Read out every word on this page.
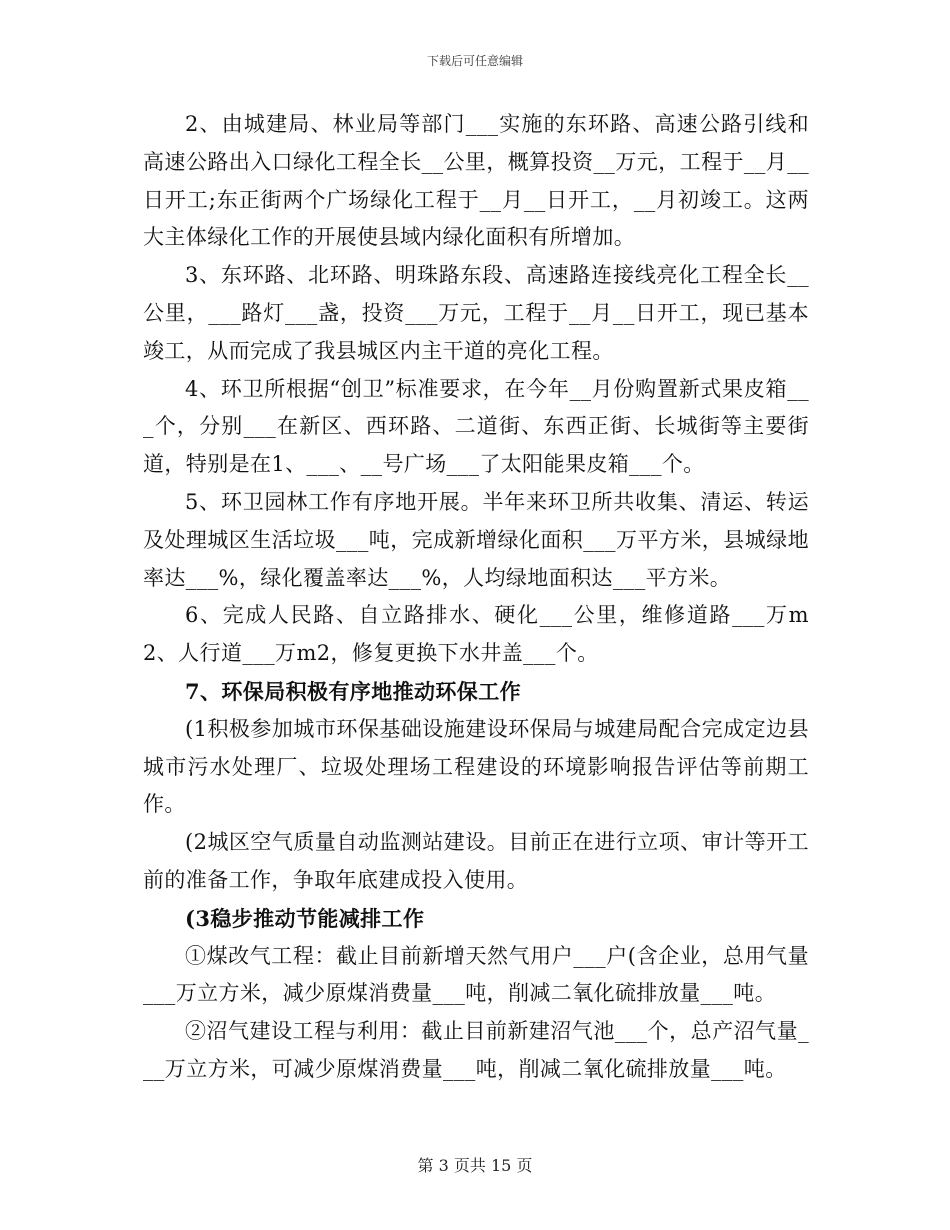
下载后可任意编辑

2、由城建局、林业局等部门___实施的东环路、高速公路引线和高速公路出入口绿化工程全长__公里，概算投资__万元，工程于__月__日开工;东正街两个广场绿化工程于__月__日开工，__月初竣工。这两大主体绿化工作的开展使县域内绿化面积有所增加。

3、东环路、北环路、明珠路东段、高速路连接线亮化工程全长__公里，___路灯___盏，投资___万元，工程于__月__日开工，现已基本竣工，从而完成了我县城区内主干道的亮化工程。

4、环卫所根据“创卫”标准要求，在今年__月份购置新式果皮箱___个，分别___在新区、西环路、二道街、东西正街、长城街等主要街道，特别是在1、___、__号广场___了太阳能果皮箱___个。

5、环卫园林工作有序地开展。半年来环卫所共收集、清运、转运及处理城区生活垃圾___吨，完成新增绿化面积___万平方米，县城绿地率达___%，绿化覆盖率达___%，人均绿地面积达___平方米。

6、完成人民路、自立路排水、硬化___公里，维修道路___万m2、人行道___万m2，修复更换下水井盖___个。

7、环保局积极有序地推动环保工作

(1积极参加城市环保基础设施建设环保局与城建局配合完成定边县城市污水处理厂、垃圾处理场工程建设的环境影响报告评估等前期工作。

(2城区空气质量自动监测站建设。目前正在进行立项、审计等开工前的准备工作，争取年底建成投入使用。

(3稳步推动节能减排工作

①煤改气工程：截止目前新增天然气用户___户(含企业，总用气量___万立方米，减少原煤消费量___吨，削减二氧化硫排放量___吨。

②沼气建设工程与利用：截止目前新建沼气池___个，总产沼气量___万立方米，可减少原煤消费量___吨，削减二氧化硫排放量___吨。

第 3 页共 15 页
